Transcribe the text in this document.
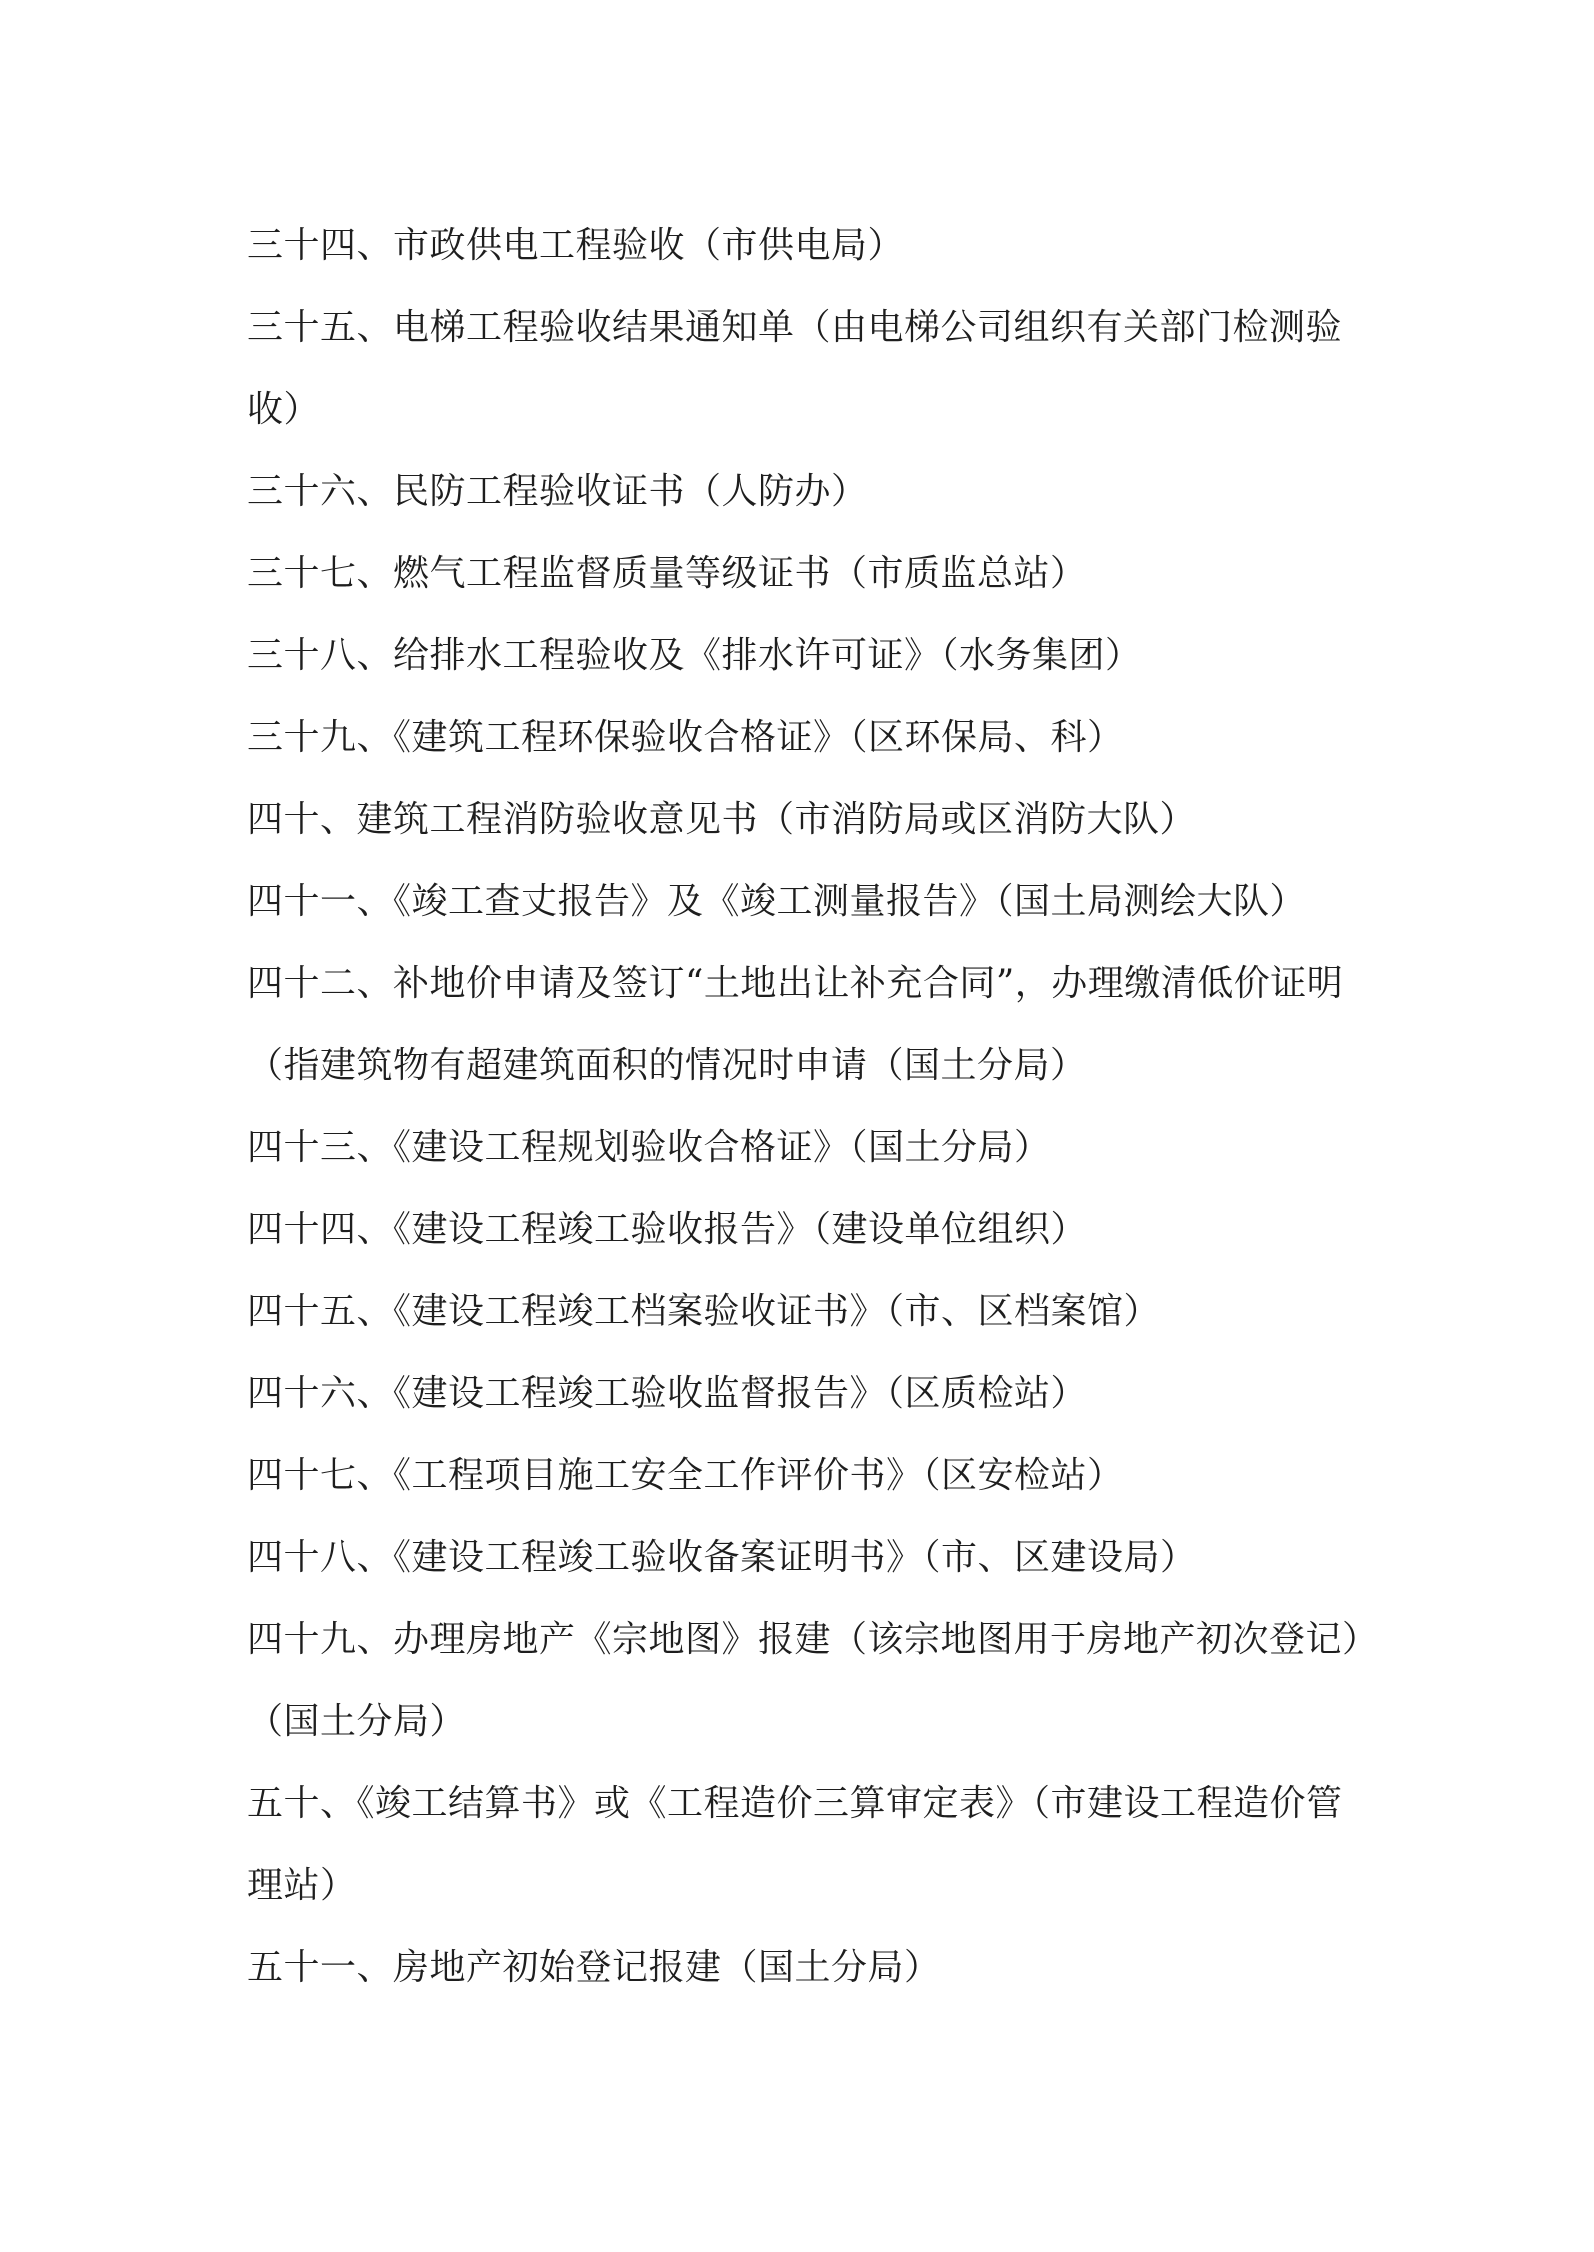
三十四、市政供电工程验收（市供电局）

三十五、电梯工程验收结果通知单（由电梯公司组织有关部门检测验收）

三十六、民防工程验收证书（人防办）

三十七、燃气工程监督质量等级证书（市质监总站）

三十八、给排水工程验收及《排水许可证》（水务集团）

三十九、《建筑工程环保验收合格证》（区环保局、科）

四十、建筑工程消防验收意见书（市消防局或区消防大队）

四十一、《竣工查丈报告》及《竣工测量报告》（国土局测绘大队）

四十二、补地价申请及签订“土地出让补充合同”，办理缴清低价证明（指建筑物有超建筑面积的情况时申请（国土分局）

四十三、《建设工程规划验收合格证》（国土分局）

四十四、《建设工程竣工验收报告》（建设单位组织）

四十五、《建设工程竣工档案验收证书》（市、区档案馆）

四十六、《建设工程竣工验收监督报告》（区质检站）

四十七、《工程项目施工安全工作评价书》（区安检站）

四十八、《建设工程竣工验收备案证明书》（市、区建设局）

四十九、办理房地产《宗地图》报建（该宗地图用于房地产初次登记）（国土分局）

五十、《竣工结算书》或《工程造价三算审定表》（市建设工程造价管理站）

五十一、房地产初始登记报建（国土分局）
